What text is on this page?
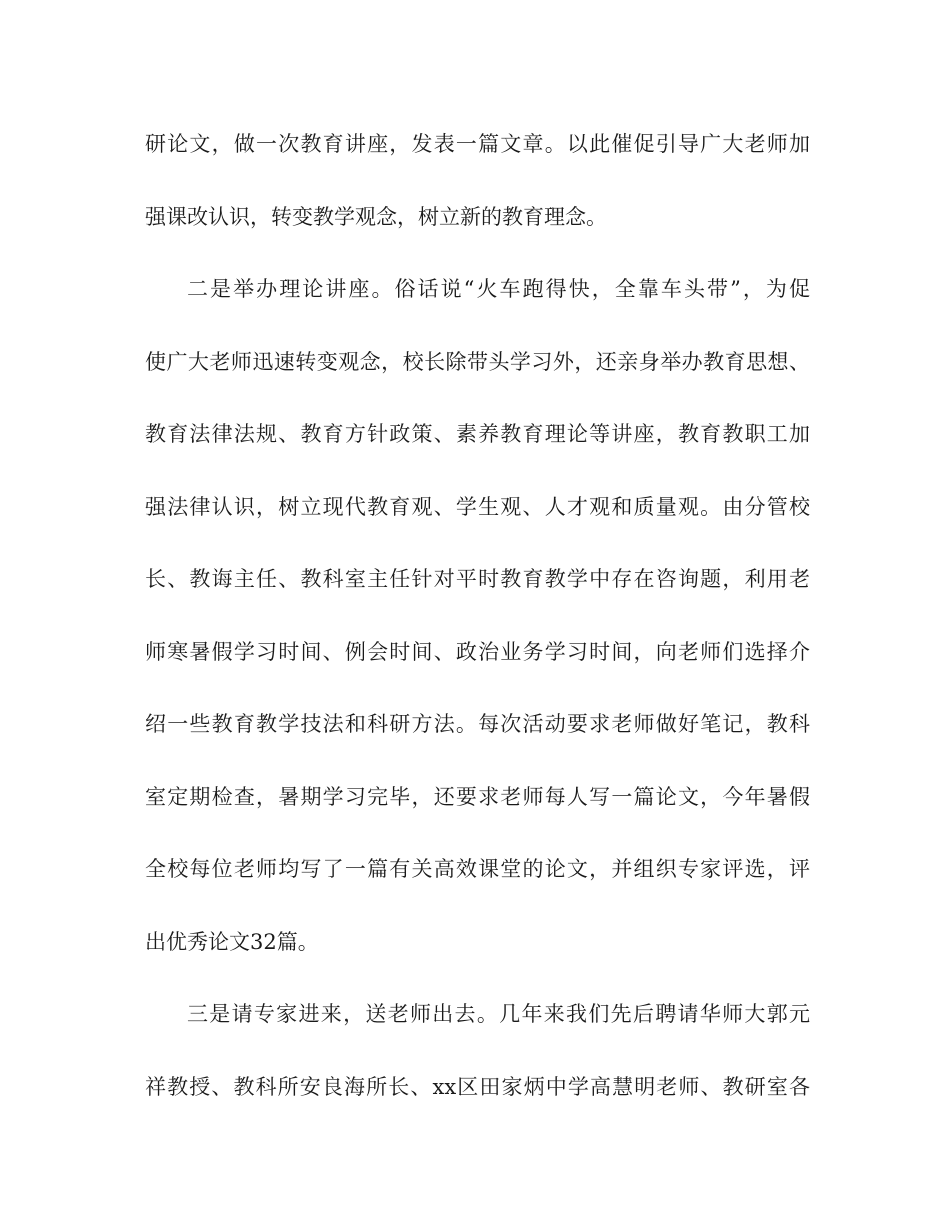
研论文，做一次教育讲座，发表一篇文章。以此催促引导广大老师加
强课改认识，转变教学观念，树立新的教育理念。
二是举办理论讲座。俗话说“火车跑得快，全靠车头带”，为促
使广大老师迅速转变观念，校长除带头学习外，还亲身举办教育思想、
教育法律法规、教育方针政策、素养教育理论等讲座，教育教职工加
强法律认识，树立现代教育观、学生观、人才观和质量观。由分管校
长、教诲主任、教科室主任针对平时教育教学中存在咨询题，利用老
师寒暑假学习时间、例会时间、政治业务学习时间，向老师们选择介
绍一些教育教学技法和科研方法。每次活动要求老师做好笔记，教科
室定期检查，暑期学习完毕，还要求老师每人写一篇论文，今年暑假
全校每位老师均写了一篇有关高效课堂的论文，并组织专家评选，评
出优秀论文32篇。
三是请专家进来，送老师出去。几年来我们先后聘请华师大郭元
祥教授、教科所安良海所长、xx区田家炳中学高慧明老师、教研室各
